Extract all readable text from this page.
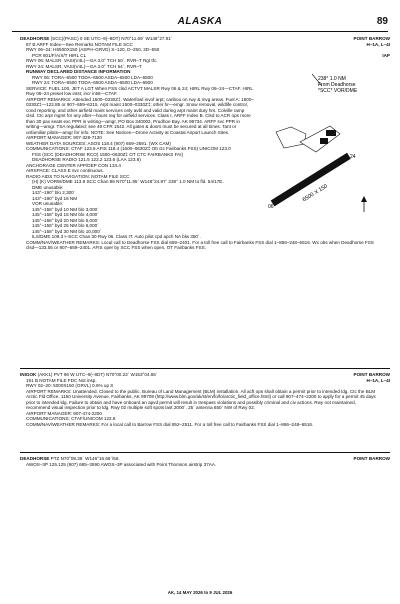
ALASKA	89
DEADHORSE (SCC)(PASC) 0 SE UTC–9(–8DT) N70°11.69´ W148°27.91´	POINT BARROW
67 B ARFF Index—See Remarks NOTAM FILE SCC	H–1A, L–4I
IAP
RWY 06–24: H6500X150 (ASPH–GRVD) S–120, D–250, 2D–550
PCR 801/F/A/X/T HIRL CL
RWY 06: MALSR. VASI(V4L)—GA 3.0° TCH 50´. RVR–T Rgt tfc.
RWY 24: MALSR. VASI(V4L)—GA 3.0° TCH 54´. RVR–T
RUNWAY DECLARED DISTANCE INFORMATION
RWY 06: TORA–6500 TODA–6500 ASDA–6500 LDA–6500
RWY 24: TORA–6500 TODA–6500 ASDA–6500 LDA–6500
SERVICE: FUEL 100, JET A LGT When FSS clsd ACTVT MALSR Rwy 06 & 24; HIRL Rwy 06–24—CTAF. HIRL Rwy 06–24 preset low intst; incr intst—CTAF.
AIRPORT REMARKS: Attended 1500–0330Z‡. Waterfowl invof arpt; caribou on rwy & mvg areas. Fuel A: 1500–0330Z‡—122.85 or 907–659–6215. Arpt maint 1500–0330Z‡; other hr—emgr. Snow removal, wildlife control, cond reporting, and other airfield maint services only avbl and valid during arpt maint duty hrs. Colville ramp clsd. Ctc arpt mgmt for any after—hours req for airfield services. Class I, ARFF Index B. Clsd to ACR ops more than 30 pax seats exc PPR in writing—amgr, PO Box 340002, Prudhoe Bay, AK 99734. ARFF svc PPR in writing—amgr. TSA regulated; see 49 CFR 1542. All gates & doors must be secured at all times. Tant or unfamiliar pilots—amgr for info. NOTE: See Notices—Drone Activity at Coastal Airport Launch Sites.
AIRPORT MANAGER: 907-328-7130
WEATHER DATA SOURCES: ASOS 118.4 (907) 659–2591. (WX CAM)
COMMUNICATIONS: CTAF 123.6 AFIS 118.4 (1500–0630Z‡ Ott ctc Fairbanks FSS) UNICOM 123.0
FSS (SCC (DEADHORSE RCO) 1500–0630Z‡ OT CTC FAIRBANKS FAI)
DEADHORSE RADIO 121.5 122.2 123.6 (LAA 123.6)
ANCHORAGE CENTER APP/DEP CON 134.4
AIRSPACE: CLASS E svc continuous.
RADIO AIDS TO NAVIGATION: NOTAM FILE SCC.
(H) (K) VORW/DME 113.9 SCC Chan 86 N70°11.95´ W148°24.97´ 238° 1.0 NM to fld. 54/17E.
DME unusable:
143°–190° blo 2,300´
143°–190° byd 16 NM
VOR unusable:
145°–158° byd 10 NM blo 3,000´
145°–158° byd 15 NM blo 4,000´
145°–158° byd 20 NM blo 5,000´
145°–158° byd 25 NM blo 6,000´
145°–158° byd 30 NM blo 10,000´
ILS/DME 109.3 I–SCC Chan 30 Rwy 06. Class IT. Auto pilot cpd apch NA blw 350´.
COMM/NAV/WEATHER REMARKS: Local call to Deadhorse FSS dial 659–2401. For a toll free call to Fairbanks FSS dial 1–866–248–6516. Wx obs when Deadhorse FSS clsd—133.55 or 907–659–2401. AFIS oper by SCC FSS when open, OT Fairbanks FSS.
238° 1.0 NM
From Deadhorse
*SCC* VOR/DME
6500 X 150
06
24
INIGOK (AKK1) PVT 96 W UTC–9(–8DT) N70°00.23´ W153°04.65´	POINT BARROW
191 B NOTAM FILE FDC Not insp.	H–1A, L–4I
RWY 02–20: 5000X150 (GRVL) 0.6% up S
AIRPORT REMARKS: Unattended. Closed to the public. Bureau of Land Management (BLM) installation. All acft ops shall obtain a permit prior to intended ldg. Ctc the BLM Arctic Fld Office, 1150 University Avenue, Fairbanks, AK 99709 (http://www.blm.gov/ak/st/en/fo/fo/arctic_field_office.html) or call 907–474–2200 to apply for a permit 45 days prior to intended ldg. Failure to obtain and have onboard an apvd permit will result in trespass violations and possibly criminal and civ actions. Rwy not maintained, recommend visual inspection prior to ldg. Rwy 02 multiple soft spots last 2000´. 25´ antenna 650´ NW of Rwy 02.
AIRPORT MANAGER: 907-474-2200
COMMUNICATIONS: CTAF/UNICOM 122.8
COMM/NAV/WEATHER REMARKS: For a local call to Barrow FSS dial 852–2511. For a toll free call to Fairbanks FSS dial 1–866–248–6516.
DEADHORSE PTZ N70°08.36´ W146°16.66´/56.	POINT BARROW
AWOS–3P 125.125 (907) 685–3590 AWOS–3P associated with Point Thomson airstrip 37AA.
AK, 14 MAY 2026 to 9 JUL 2026
